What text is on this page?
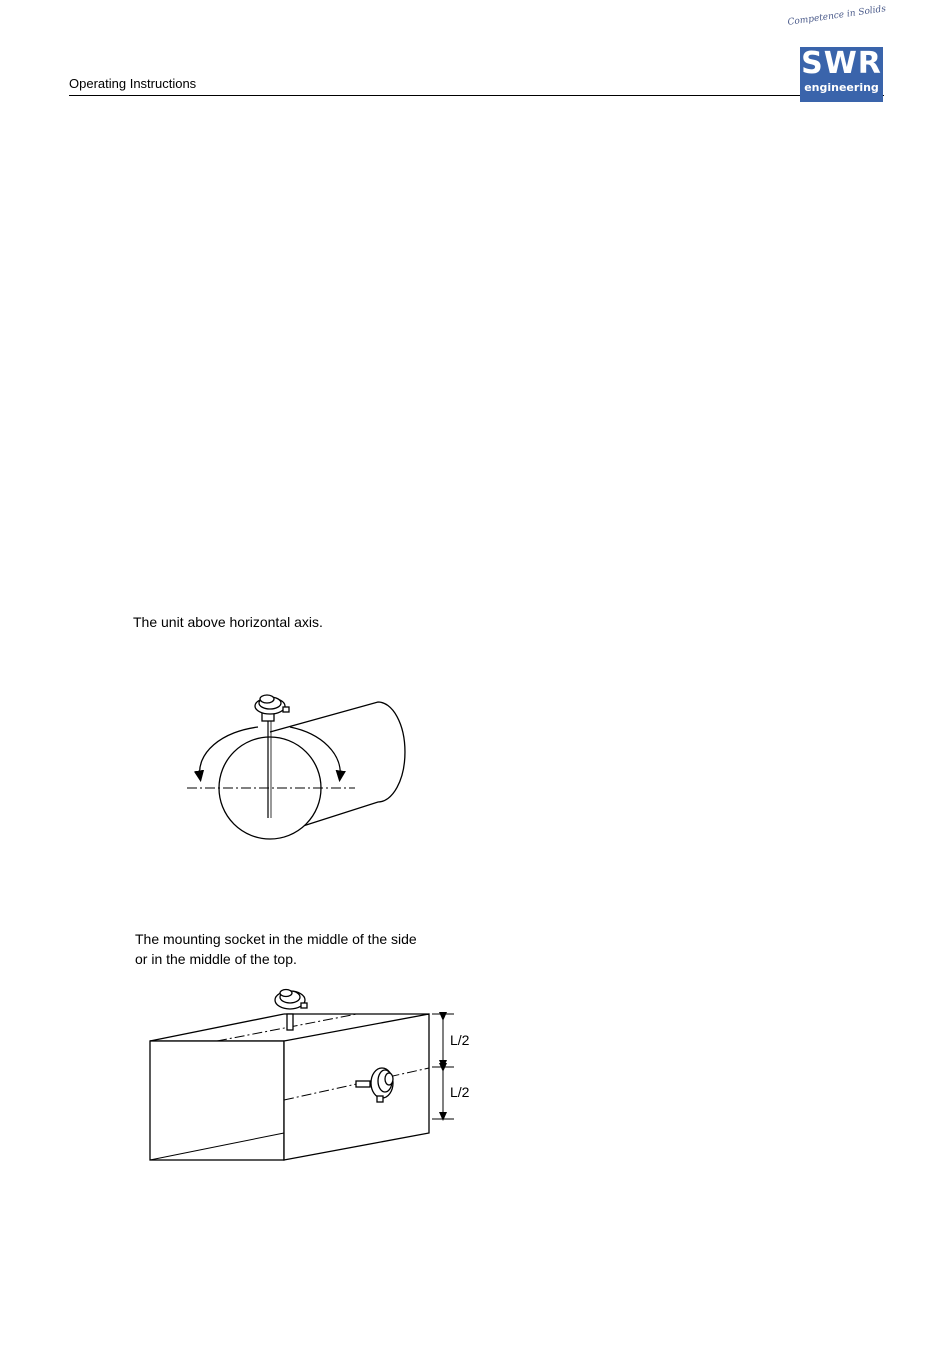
Operating Instructions
Competence in Solids
SWR
engineering
The unit above horizontal axis.
The mounting socket in the middle of the side
or in the middle of the top.
L/2
L/2
